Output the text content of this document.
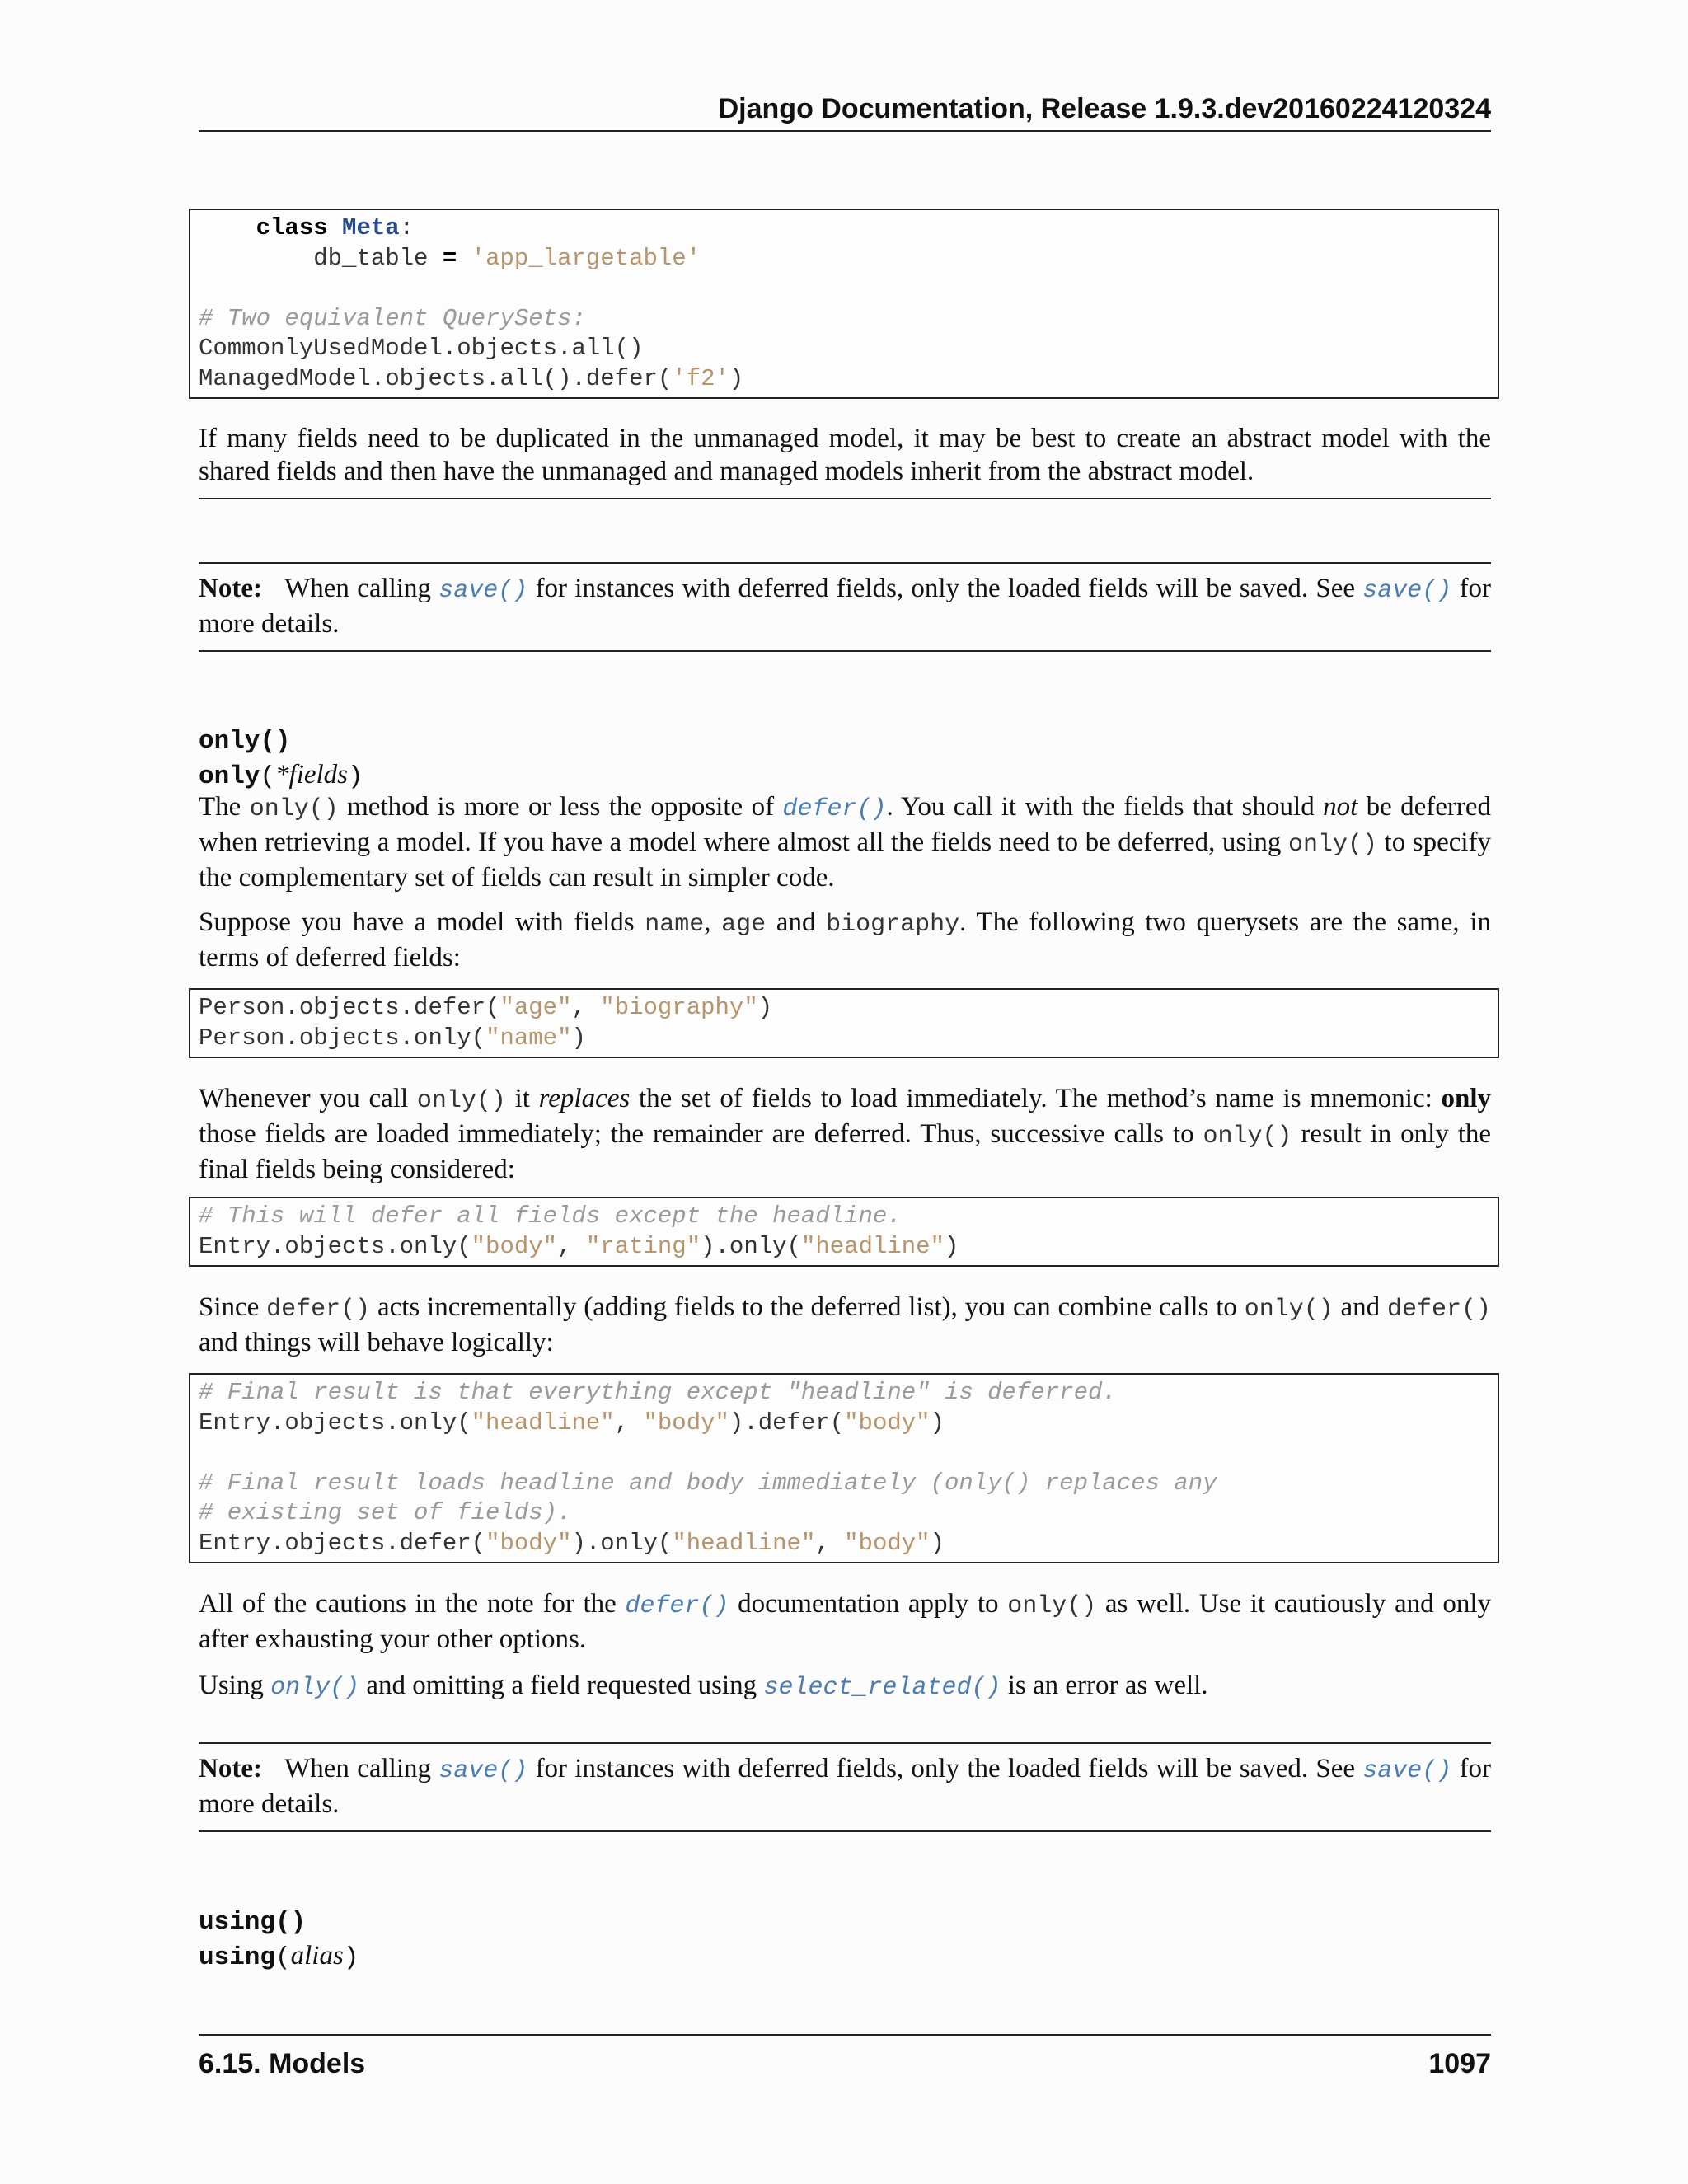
Django Documentation, Release 1.9.3.dev20160224120324
class Meta:
db_table = 'app_largetable'

# Two equivalent QuerySets:
CommonlyUsedModel.objects.all()
ManagedModel.objects.all().defer('f2')
If many fields need to be duplicated in the unmanaged model, it may be best to create an abstract model with the shared fields and then have the unmanaged and managed models inherit from the abstract model.
Note: When calling save() for instances with deferred fields, only the loaded fields will be saved. See save() for more details.
only()
only(*fields)
The only() method is more or less the opposite of defer(). You call it with the fields that should not be deferred when retrieving a model. If you have a model where almost all the fields need to be deferred, using only() to specify the complementary set of fields can result in simpler code.
Suppose you have a model with fields name, age and biography. The following two querysets are the same, in terms of deferred fields:
Person.objects.defer("age", "biography")
Person.objects.only("name")
Whenever you call only() it replaces the set of fields to load immediately. The method’s name is mnemonic: only those fields are loaded immediately; the remainder are deferred. Thus, successive calls to only() result in only the final fields being considered:
# This will defer all fields except the headline.
Entry.objects.only("body", "rating").only("headline")
Since defer() acts incrementally (adding fields to the deferred list), you can combine calls to only() and defer() and things will behave logically:
# Final result is that everything except "headline" is deferred.
Entry.objects.only("headline", "body").defer("body")

# Final result loads headline and body immediately (only() replaces any
# existing set of fields).
Entry.objects.defer("body").only("headline", "body")
All of the cautions in the note for the defer() documentation apply to only() as well. Use it cautiously and only after exhausting your other options.
Using only() and omitting a field requested using select_related() is an error as well.
Note: When calling save() for instances with deferred fields, only the loaded fields will be saved. See save() for more details.
using()
using(alias)
6.15. Models	1097
